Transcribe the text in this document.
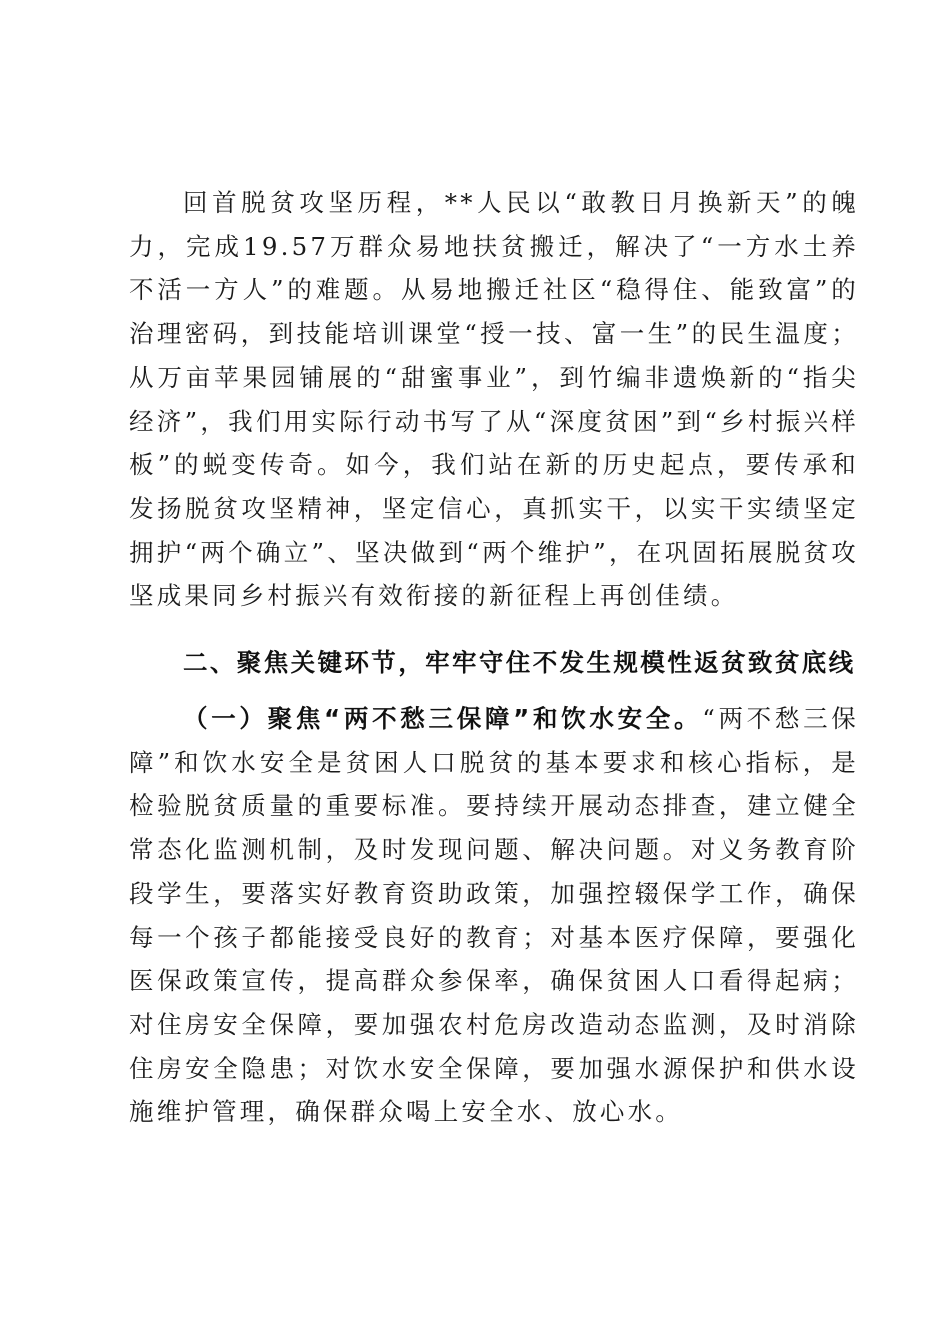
回首脱贫攻坚历程，**人民以“敢教日月换新天”的魄力，完成19.57万群众易地扶贫搬迁，解决了“一方水土养不活一方人”的难题。从易地搬迁社区“稳得住、能致富”的治理密码，到技能培训课堂“授一技、富一生”的民生温度；从万亩苹果园铺展的“甜蜜事业”，到竹编非遗焕新的“指尖经济”，我们用实际行动书写了从“深度贫困”到“乡村振兴样板”的蜕变传奇。如今，我们站在新的历史起点，要传承和发扬脱贫攻坚精神，坚定信心，真抓实干，以实干实绩坚定拥护“两个确立”、坚决做到“两个维护”，在巩固拓展脱贫攻坚成果同乡村振兴有效衔接的新征程上再创佳绩。

二、聚焦关键环节，牢牢守住不发生规模性返贫致贫底线

（一）聚焦“两不愁三保障”和饮水安全。“两不愁三保障”和饮水安全是贫困人口脱贫的基本要求和核心指标，是检验脱贫质量的重要标准。要持续开展动态排查，建立健全常态化监测机制，及时发现问题、解决问题。对义务教育阶段学生，要落实好教育资助政策，加强控辍保学工作，确保每一个孩子都能接受良好的教育；对基本医疗保障，要强化医保政策宣传，提高群众参保率，确保贫困人口看得起病；对住房安全保障，要加强农村危房改造动态监测，及时消除住房安全隐患；对饮水安全保障，要加强水源保护和供水设施维护管理，确保群众喝上安全水、放心水。
